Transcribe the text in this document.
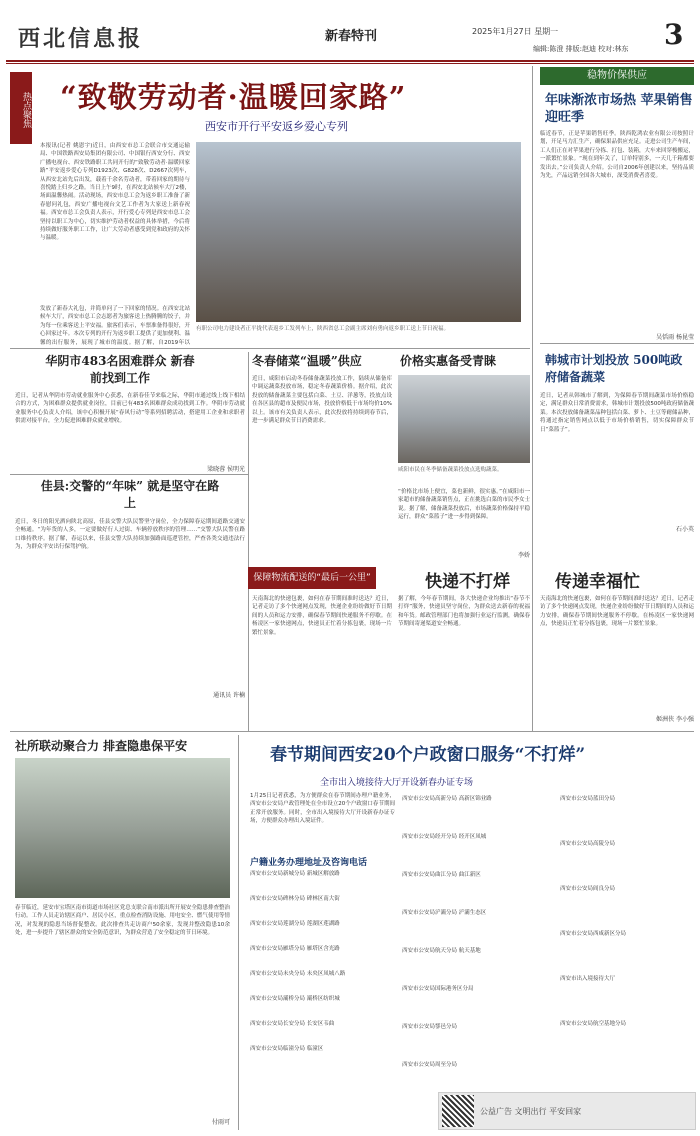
西北信息报	新春特刊	2025年1月27日 星期一
编辑:陈澄 排版:赵迪 校对:林东 3
热点聚焦 “致敬劳动者·温暖回家路”
西安市开行平安返乡爱心专列
本报讯(记者 姚恩宇)近日，由西安市总工会联合市交通运输局、中国铁路西安局集团有限公司、中国银行西安分行、西安广播电视台、西安铁路职工共同开行的“致敬劳动者·温暖回家路”平安返乡爱心专列D1923次、G828次、D2667次列车，从西安北站先后出发，载着千余名劳动者，带着回家的期待与喜悦踏上归乡之路。当日上午9时，在西安北站候车大厅2楼，场面温馨热闹。活动现场，西安市总工会为返乡职工准备了新春慰问礼包，西安广播电视台文艺工作者为大家送上新春祝福。西安市总工会负责人表示，开行爱心专列是西安市总工会坚持以职工为中心，切实维护劳动者权益的具体举措，今后将持续做好服务职工工作，让广大劳动者感受到党和政府的关怀与温暖。
有职公司电力建设者正平拢代表返乡工发列车上，陕西省总工会副主席刘有勇向返乡职工送上节日祝福。
发放了新春大礼包，并简单问了一下回家的情况。在西安北站候车大厅，西安市总工会志愿者为旅客送上热腾腾的饺子，并为每一位乘客送上平安福。旅客们表示，车票准备得很好，开心回家过年。本次专列的开行为返乡职工提供了更加便利、温馨的出行服务，展现了城市的温度。据了解，自2019年以
稳物价保供应
年味渐浓市场热 苹果销售迎旺季
临近春节，正是苹果销售旺季。陕西乾鸿农业有限公司按照计划，开足马力汇生产，确保果品供应充足。走进公司生产车间，工人们正在对苹果进行分拣、打包、装箱，大车来回穿梭搬运，一派繁忙景象。“现在到年关了，订单特别多，一天几千箱都要发出去。”公司负责人介绍。公司自2006年创建以来，坚持品质为先，产品远销全国各大城市，深受消费者喜爱。
吴恬雨 杨昆莹
韩城市计划投放 500吨政府储备蔬菜
近日，记者从韩城市了解到，为保障春节期间蔬菜市场价格稳定，满足群众日常消费需求，韩城市计划投放500吨政府储备蔬菜。本次投放储备蔬菜品种包括白菜、萝卜、土豆等耐储品种，将通过指定销售网点以低于市场价格销售，切实保障群众节日“菜篮子”。
石小英
华阴市483名困难群众 新春前找到工作
近日，记者从华阴市劳动就业服务中心获悉，在新春佳节来临之际，华阴市通过线上线下相结合的方式，为困难群众提供就业岗位，目前已有483名困难群众成功找到工作。华阴市劳动就业服务中心负责人介绍，该中心积极开展“春风行动”等系列招聘活动，搭建用工企业和求职者供需对接平台，全力促进困难群众就业增收。
梁晓蓉 侯明光
佳县:交警的“年味” 就是坚守在路上
近日，冬日的阳光洒向陕北高原，佳县交警大队民警坚守岗位，全力保障春运期间道路交通安全畅通。“为年货的人多，一定要做好行人过街、车辆停放秩序的管理……”交警大队民警在路口维持秩序。据了解，春运以来，佳县交警大队持续加强路面巡逻管控，严查各类交通违法行为，为群众平安出行保驾护航。
通讯员 许楠
冬春储菜“温暖”供应
近日，咸阳市启动冬春储备蔬菜投放工作，陆续从储备库中调运蔬菜投放市场，稳定冬春蔬菜价格。据介绍，此次投放的储备蔬菜主要包括白菜、土豆、洋葱等，投放点设在各区县的超市及便民市场，投放价格低于市场均价10%以上。该市有关负责人表示，此次投放将持续到春节后，进一步满足群众节日消费需求。
价格实惠备受青睐
咸阳市民在冬季储备蔬菜投放点选购蔬菜。
“价格比市场上便宜，菜也新鲜，很实惠。”在咸阳市一家超市的储备蔬菜销售点，正在挑选白菜的市民李女士说。据了解，储备蔬菜投放后，市场蔬菜价格保持平稳运行，群众“菜篮子”进一步得到保障。
李娇
保障物流配送的“最后一公里”	快递不打烊	传递幸福忙
天南海北的快递包裹，如何在春节期间准时送达？近日，记者走访了多个快递网点发现，快递企业纷纷做好节日期间的人员和运力安排，确保春节期间快递服务不停歇。在杨凌区一家快递网点，快递员正忙着分拣包裹，现场一片繁忙景象。
据了解，今年春节期间，各大快递企业均推出“春节不打烊”服务，快递员坚守岗位，为群众送去新春的祝福和年货。邮政管理部门也将加强行业运行监测，确保春节期间寄递渠道安全畅通。
天南海北的快递包裹，如何在春节期间准时送达？近日，记者走访了多个快递网点发现，快递企业纷纷做好节日期间的人员和运力安排，确保春节期间快递服务不停歇。在杨凌区一家快递网点，快递员正忙着分拣包裹，现场一片繁忙景象。
姬洲侠 李小强
社所联动聚合力 排查隐患保平安
春节临近，延安市宝塔区南市街道市场社区党总支联合南市派出所开展安全隐患排查整治行动。工作人员走访辖区商户、居民小区，重点检查消防设施、用电安全、燃气使用等情况，对发现的隐患当场督促整改。此次排查共走访商户50余家，发现并整改隐患10余处，进一步提升了辖区群众的安全防范意识，为群众营造了安全稳定的节日环境。
付雨可
春节期间西安20个户政窗口服务“不打烊”
全市出入境接待大厅开设新春办证专场
1月25日记者获悉，为方便群众在春节期间办理户籍业务，西安市公安局户政管理处在全市设立20个户政窗口春节期间正常开放服务。同时，全市出入境接待大厅开设新春办证专场，方便群众办理出入境证件。
户籍业务办理地址及咨询电话
西安市公安局新城分局 新城区解放路
西安市公安局碑林分局 碑林区南大街
西安市公安局莲湖分局 莲湖区莲湖路
西安市公安局雁塔分局 雁塔区含光路
西安市公安局未央分局 未央区凤城八路
西安市公安局灞桥分局 灞桥区纺织城
西安市公安局长安分局 长安区韦曲
西安市公安局临潼分局 临潼区
西安市公安局高新分局 高新区锦业路
西安市公安局经开分局 经开区凤城
西安市公安局曲江分局 曲江新区
西安市公安局浐灞分局 浐灞生态区
西安市公安局航天分局 航天基地
西安市公安局国际港务区分局
西安市公安局鄠邑分局
西安市公安局周至分局
西安市公安局蓝田分局
西安市公安局高陵分局
西安市公安局阎良分局
西安市公安局西咸新区分局
西安市出入境接待大厅
西安市公安局航空基地分局
公益广告 文明出行 平安回家
